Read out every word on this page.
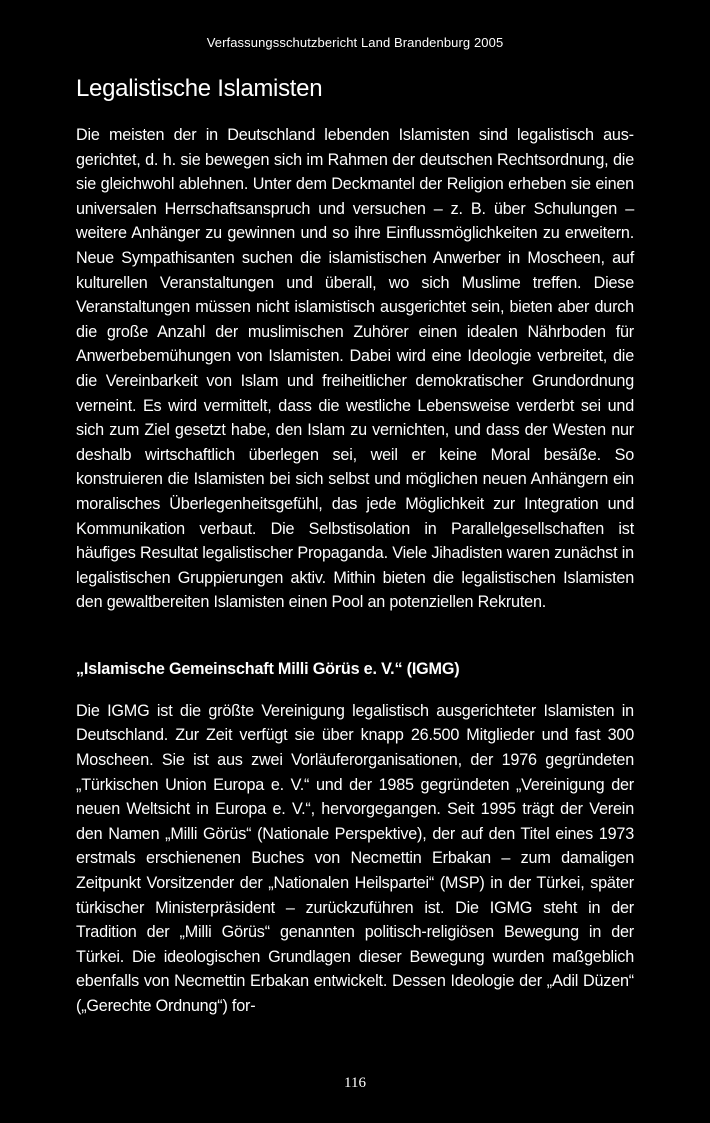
Verfassungsschutzbericht Land Brandenburg 2005
Legalistische Islamisten

Die meisten der in Deutschland lebenden Islamisten sind legalistisch ausgerichtet, d. h. sie bewegen sich im Rahmen der deutschen Rechtsordnung, die sie gleichwohl ablehnen. Unter dem Deckmantel der Religion erheben sie einen universalen Herrschaftsanspruch und versuchen – z. B. über Schulungen – weitere Anhänger zu gewinnen und so ihre Einflussmöglichkeiten zu erweitern. Neue Sympathisanten suchen die islamistischen Anwerber in Moscheen, auf kulturellen Veranstaltungen und überall, wo sich Muslime treffen. Diese Veranstaltungen müssen nicht islamistisch ausgerichtet sein, bieten aber durch die große Anzahl der muslimischen Zuhörer einen idealen Nährboden für Anwerbebemühungen von Islamisten. Dabei wird eine Ideologie verbreitet, die die Vereinbarkeit von Islam und freiheitlicher demokratischer Grundordnung verneint. Es wird vermittelt, dass die westliche Lebensweise verderbt sei und sich zum Ziel gesetzt habe, den Islam zu vernichten, und dass der Westen nur deshalb wirtschaftlich überlegen sei, weil er keine Moral besäße. So konstruieren die Islamisten bei sich selbst und möglichen neuen Anhängern ein moralisches Überlegenheitsgefühl, das jede Möglichkeit zur Integration und Kommunikation verbaut. Die Selbstisolation in Parallelgesellschaften ist häufiges Resultat legalistischer Propaganda. Viele Jihadisten waren zunächst in legalistischen Gruppierungen aktiv. Mithin bieten die legalistischen Islamisten den gewaltbereiten Islamisten einen Pool an potenziellen Rekruten.

„Islamische Gemeinschaft Milli Görüs e. V.“ (IGMG)

Die IGMG ist die größte Vereinigung legalistisch ausgerichteter Islamisten in Deutschland. Zur Zeit verfügt sie über knapp 26.500 Mitglieder und fast 300 Moscheen. Sie ist aus zwei Vorläuferorganisationen, der 1976 gegründeten „Türkischen Union Europa e. V.“ und der 1985 gegründeten „Vereinigung der neuen Weltsicht in Europa e. V.“, hervorgegangen. Seit 1995 trägt der Verein den Namen „Milli Görüs“ (Nationale Perspektive), der auf den Titel eines 1973 erstmals erschienenen Buches von Necmettin Erbakan – zum damaligen Zeitpunkt Vorsitzender der „Nationalen Heilspartei“ (MSP) in der Türkei, später türkischer Ministerpräsident – zurückzuführen ist. Die IGMG steht in der Tradition der „Milli Görüs“ genannten politisch-religiösen Bewegung in der Türkei. Die ideologischen Grundlagen dieser Bewegung wurden maßgeblich ebenfalls von Necmettin Erbakan entwickelt. Dessen Ideologie der „Adil Düzen“ („Gerechte Ordnung“) for-

116
